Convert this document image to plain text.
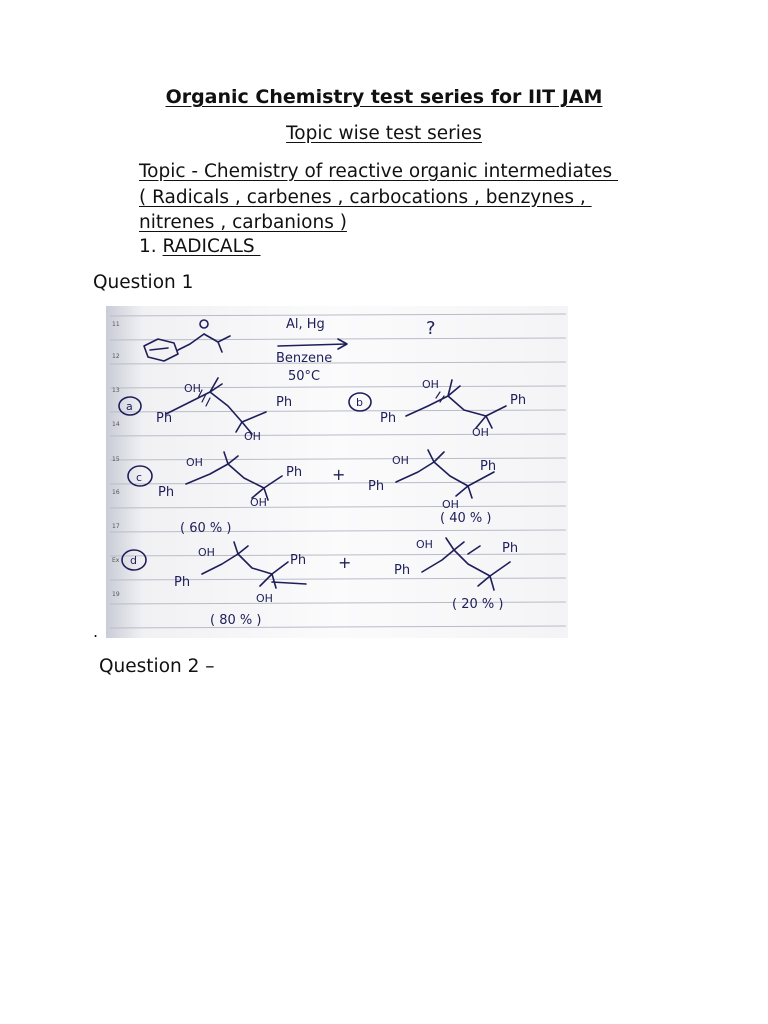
Organic Chemistry test series for IIT JAM
Topic wise test series
Topic - Chemistry of reactive organic intermediates
( Radicals , carbenes , carbocations , benzynes ,
nitrenes , carbanions )
1. RADICALS
Question 1
11
12
13
14
15
16
17
Ex
19
Al, Hg	?
Benzene
50°C
a	b
c
d
OH
Ph
Ph
OH
OH
Ph
Ph
OH
OH
Ph
Ph
OH
+
( 60 % )
OH
Ph
Ph
OH
( 40 % )
OH
Ph
Ph
OH
+
( 80 % )
OH
Ph
Ph
( 20 % )
.
Question 2 –
